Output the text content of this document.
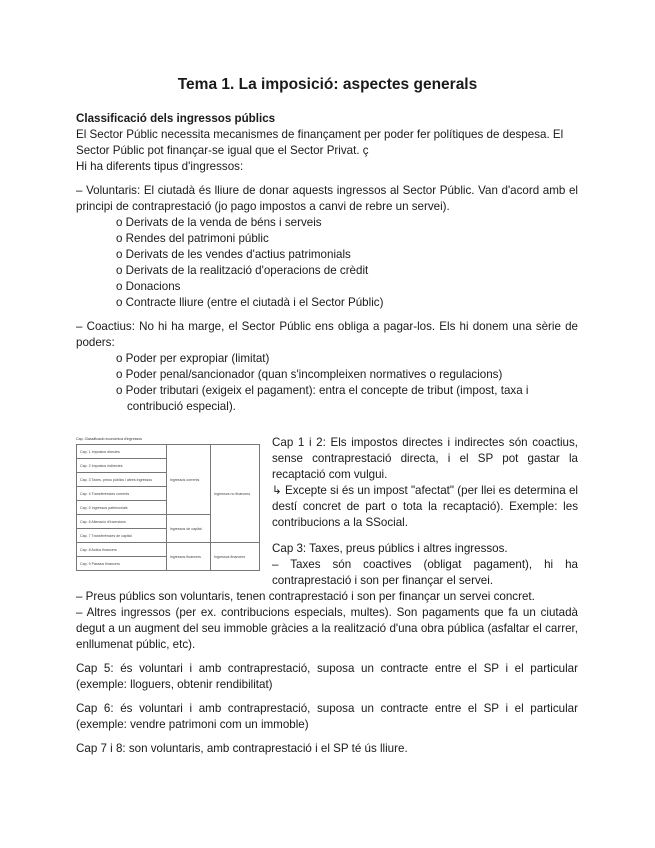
Tema 1. La imposició: aspectes generals

Classificació dels ingressos públics

El Sector Públic necessita mecanismes de finançament per poder fer polítiques de despesa. El Sector Públic pot finançar-se igual que el Sector Privat. ç

Hi ha diferents tipus d'ingressos:

– Voluntaris: El ciutadà és lliure de donar aquests ingressos al Sector Públic. Van d'acord amb el principi de contraprestació (jo pago impostos a canvi de rebre un servei).

o Derivats de la venda de béns i serveis
o Rendes del patrimoni públic
o Derivats de les vendes d'actius patrimonials
o Derivats de la realització d'operacions de crèdit
o Donacions
o Contracte lliure (entre el ciutadà i el Sector Públic)

– Coactius: No hi ha marge, el Sector Públic ens obliga a pagar-los. Els hi donem una sèrie de poders:

o Poder per expropiar (limitat)
o Poder penal/sancionador (quan s'incompleixen normatives o regulacions)
o Poder tributari (exigeix el pagament): entra el concepte de tribut (impost, taxa i contribució especial).
Cap. Classificació econòmica d'ingressos
Cap. 1 Impostos directes	Ingressos corrents	Ingressos no financers
Cap. 2 Impostos indirectes		
Cap. 3 Taxes, preus públics i altres ingressos		
Cap. 4 Transferències corrents		
Cap. 5 Ingressos patrimonials		
Cap. 6 Alienació d'inversions	Ingressos de capital	
Cap. 7 Transferències de capital		
Cap. 8 Actius financers	Ingressos financers	Ingressos financers
Cap. 9 Passius financers		

Cap 1 i 2: Els impostos directes i indirectes són coactius, sense contraprestació directa, i el SP pot gastar la recaptació com vulgui.

↳ Excepte si és un impost "afectat" (per llei es determina el destí concret de part o tota la recaptació). Exemple: les contribucions a la SSocial.

Cap 3: Taxes, preus públics i altres ingressos.

– Taxes són coactives (obligat pagament), hi ha contraprestació i son per finançar el servei.

– Preus públics son voluntaris, tenen contraprestació i son per finançar un servei concret.

– Altres ingressos (per ex. contribucions especials, multes). Son pagaments que fa un ciutadà degut a un augment del seu immoble gràcies a la realització d'una obra pública (asfaltar el carrer, enllumenat públic, etc).

Cap 5: és voluntari i amb contraprestació, suposa un contracte entre el SP i el particular (exemple: lloguers, obtenir rendibilitat)

Cap 6: és voluntari i amb contraprestació, suposa un contracte entre el SP i el particular (exemple: vendre patrimoni com un immoble)

Cap 7 i 8: son voluntaris, amb contraprestació i el SP té ús lliure.
